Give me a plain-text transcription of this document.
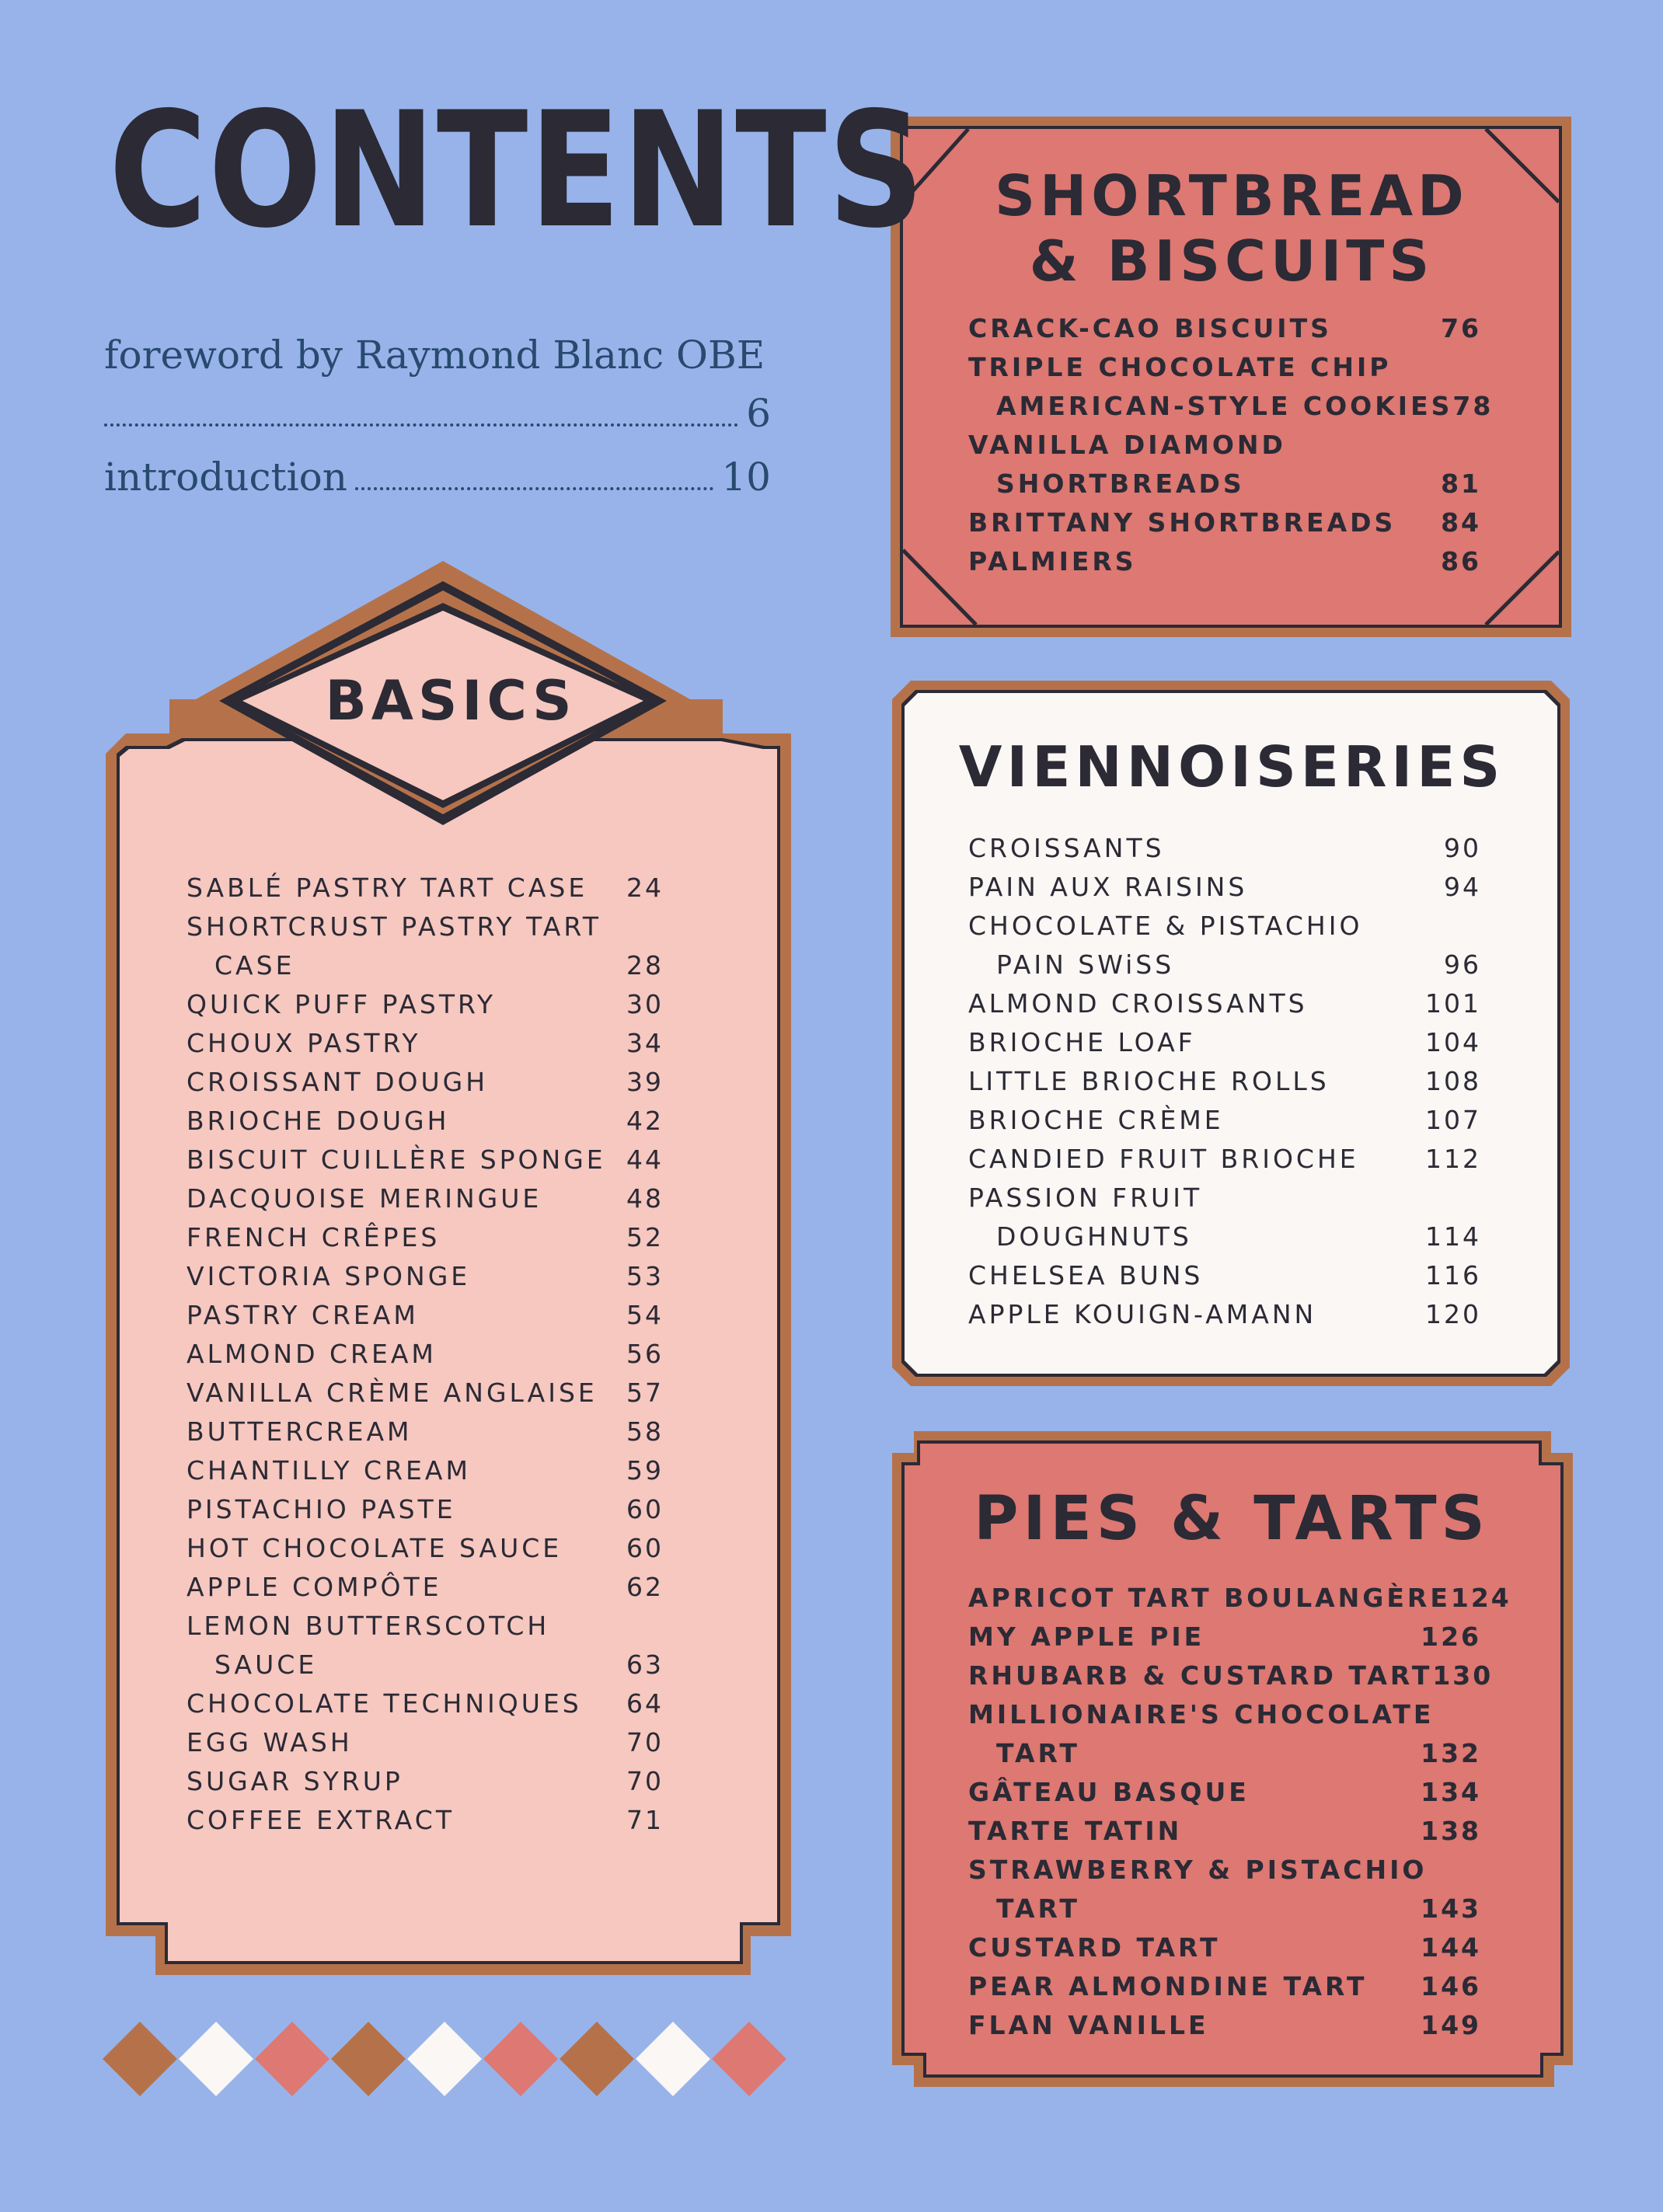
CONTENTS
foreword by Raymond Blanc OBE
6
introduction	10
SHORTBREAD
& BISCUITS
CRACK-CAO BISCUITS	76
TRIPLE CHOCOLATE CHIP
AMERICAN-STYLE COOKIES 78
VANILLA DIAMOND
SHORTBREADS	81
BRITTANY SHORTBREADS 84
PALMIERS	86
VIENNOISERIES
CROISSANTS	90
PAIN AUX RAISINS	94
CHOCOLATE & PISTACHIO
PAIN SWiSS	96
ALMOND CROISSANTS	101
BRIOCHE LOAF	104
LITTLE BRIOCHE ROLLS	108
BRIOCHE CRÈME	107
CANDIED FRUIT BRIOCHE	112
PASSION FRUIT
DOUGHNUTS	114
CHELSEA BUNS	116
APPLE KOUIGN-AMANN	120
PIES & TARTS
APRICOT TART BOULANGÈRE 124
MY APPLE PIE	126
RHUBARB & CUSTARD TART 130
MILLIONAIRE'S CHOCOLATE
TART	132
GÂTEAU BASQUE	134
TARTE TATIN	138
STRAWBERRY & PISTACHIO
TART	143
CUSTARD TART	144
PEAR ALMONDINE TART 146
FLAN VANILLE	149
BASICS
SABLÉ PASTRY TART CASE 24
SHORTCRUST PASTRY TART
CASE	28
QUICK PUFF PASTRY	30
CHOUX PASTRY	34
CROISSANT DOUGH	39
BRIOCHE DOUGH	42
BISCUIT CUILLÈRE SPONGE 44
DACQUOISE MERINGUE	48
FRENCH CRÊPES	52
VICTORIA SPONGE	53
PASTRY CREAM	54
ALMOND CREAM	56
VANILLA CRÈME ANGLAISE 57
BUTTERCREAM	58
CHANTILLY CREAM	59
PISTACHIO PASTE	60
HOT CHOCOLATE SAUCE	60
APPLE COMPÔTE	62
LEMON BUTTERSCOTCH
SAUCE	63
CHOCOLATE TECHNIQUES 64
EGG WASH	70
SUGAR SYRUP	70
COFFEE EXTRACT	71
